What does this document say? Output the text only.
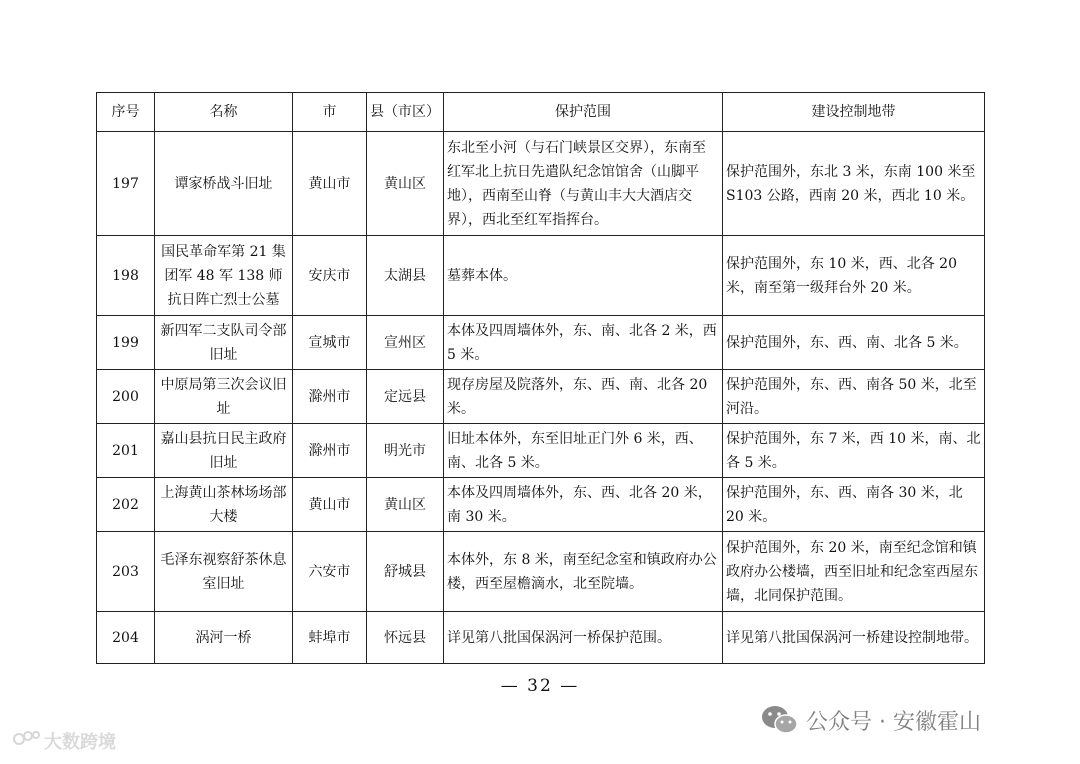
序号	名称	市	县（市区）	保护范围	建设控制地带
197	谭家桥战斗旧址	黄山市	黄山区	东北至小河（与石门峡景区交界），东南至红军北上抗日先遣队纪念馆馆舍（山脚平地），西南至山脊（与黄山丰大大酒店交界），西北至红军指挥台。	保护范围外，东北 3 米，东南 100 米至 S103 公路，西南 20 米，西北 10 米。
198	国民革命军第 21 集团军 48 军 138 师抗日阵亡烈士公墓	安庆市	太湖县	墓葬本体。	保护范围外，东 10 米，西、北各 20 米，南至第一级拜台外 20 米。
199	新四军二支队司令部旧址	宣城市	宣州区	本体及四周墙体外，东、南、北各 2 米，西 5 米。	保护范围外，东、西、南、北各 5 米。
200	中原局第三次会议旧址	滁州市	定远县	现存房屋及院落外，东、西、南、北各 20 米。	保护范围外，东、西、南各 50 米，北至河沿。
201	嘉山县抗日民主政府旧址	滁州市	明光市	旧址本体外，东至旧址正门外 6 米，西、南、北各 5 米。	保护范围外，东 7 米，西 10 米，南、北各 5 米。
202	上海黄山茶林场场部大楼	黄山市	黄山区	本体及四周墙体外，东、西、北各 20 米，南 30 米。	保护范围外，东、西、南各 30 米，北 20 米。
203	毛泽东视察舒茶休息室旧址	六安市	舒城县	本体外，东 8 米，南至纪念室和镇政府办公楼，西至屋檐滴水，北至院墙。	保护范围外，东 20 米，南至纪念馆和镇政府办公楼墙，西至旧址和纪念室西屋东墙，北同保护范围。
204	涡河一桥	蚌埠市	怀远县	详见第八批国保涡河一桥保护范围。	详见第八批国保涡河一桥建设控制地带。
— 32 —
大数跨境
公众号 · 安徽霍山
